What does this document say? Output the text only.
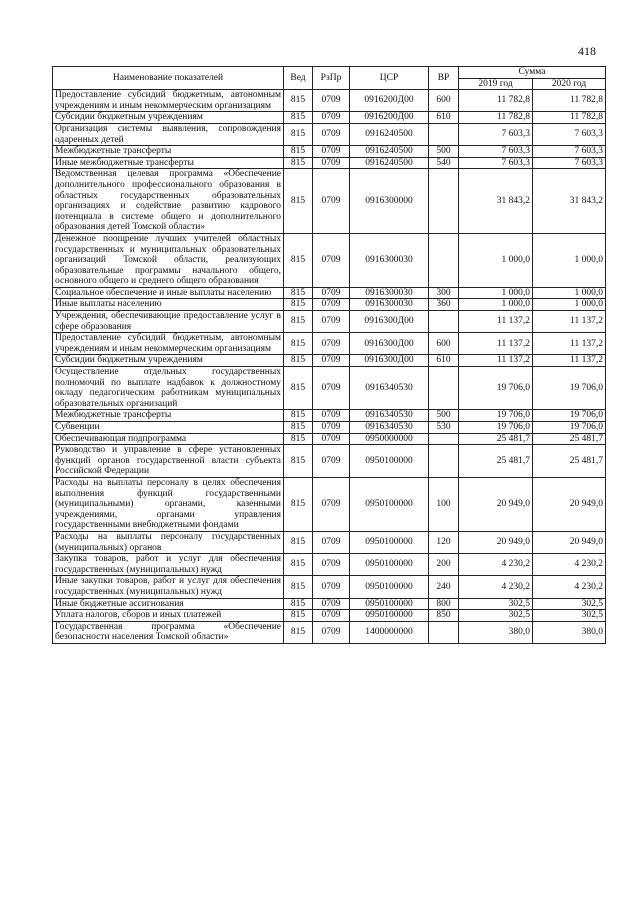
418
Наименование показателей	Вед	РзПр	ЦСР	ВР	Сумма	
					2019 год	2020 год
Предоставление субсидий бюджетным, автономным учреждениям и иным некоммерческим организациям	815	0709	0916200Д00	600	11 782,8	11 782,8
Субсидии бюджетным учреждениям	815	0709	0916200Д00	610	11 782,8	11 782,8
Организация системы выявления, сопровождения одаренных детей	815	0709	0916240500		7 603,3	7 603,3
Межбюджетные трансферты	815	0709	0916240500	500	7 603,3	7 603,3
Иные межбюджетные трансферты	815	0709	0916240500	540	7 603,3	7 603,3
Ведомственная целевая программа «Обеспечение дополнительного профессионального образования в областных государственных образовательных организациях и содействие развитию кадрового потенциала в системе общего и дополнительного образования детей Томской области»	815	0709	0916300000		31 843,2	31 843,2
Денежное поощрение лучших учителей областных государственных и муниципальных образовательных организаций Томской области, реализующих образовательные программы начального общего, основного общего и среднего общего образования	815	0709	0916300030		1 000,0	1 000,0
Социальное обеспечение и иные выплаты населению	815	0709	0916300030	300	1 000,0	1 000,0
Иные выплаты населению	815	0709	0916300030	360	1 000,0	1 000,0
Учреждения, обеспечивающие предоставление услуг в сфере образования	815	0709	0916300Д00		11 137,2	11 137,2
Предоставление субсидий бюджетным, автономным учреждениям и иным некоммерческим организациям	815	0709	0916300Д00	600	11 137,2	11 137,2
Субсидии бюджетным учреждениям	815	0709	0916300Д00	610	11 137,2	11 137,2
Осуществление отдельных государственных полномочий по выплате надбавок к должностному окладу педагогическим работникам муниципальных образовательных организаций	815	0709	0916340530		19 706,0	19 706,0
Межбюджетные трансферты	815	0709	0916340530	500	19 706,0	19 706,0
Субвенции	815	0709	0916340530	530	19 706,0	19 706,0
Обеспечивающая подпрограмма	815	0709	0950000000		25 481,7	25 481,7
Руководство и управление в сфере установленных функций органов государственной власти субъекта Российской Федерации	815	0709	0950100000		25 481,7	25 481,7
Расходы на выплаты персоналу в целях обеспечения выполнения функций государственными (муниципальными) органами, казенными учреждениями, органами управления государственными внебюджетными фондами	815	0709	0950100000	100	20 949,0	20 949,0
Расходы на выплаты персоналу государственных (муниципальных) органов	815	0709	0950100000	120	20 949,0	20 949,0
Закупка товаров, работ и услуг для обеспечения государственных (муниципальных) нужд	815	0709	0950100000	200	4 230,2	4 230,2
Иные закупки товаров, работ и услуг для обеспечения государственных (муниципальных) нужд	815	0709	0950100000	240	4 230,2	4 230,2
Иные бюджетные ассигнования	815	0709	0950100000	800	302,5	302,5
Уплата налогов, сборов и иных платежей	815	0709	0950100000	850	302,5	302,5
Государственная программа «Обеспечение безопасности населения Томской области»	815	0709	1400000000		380,0	380,0
